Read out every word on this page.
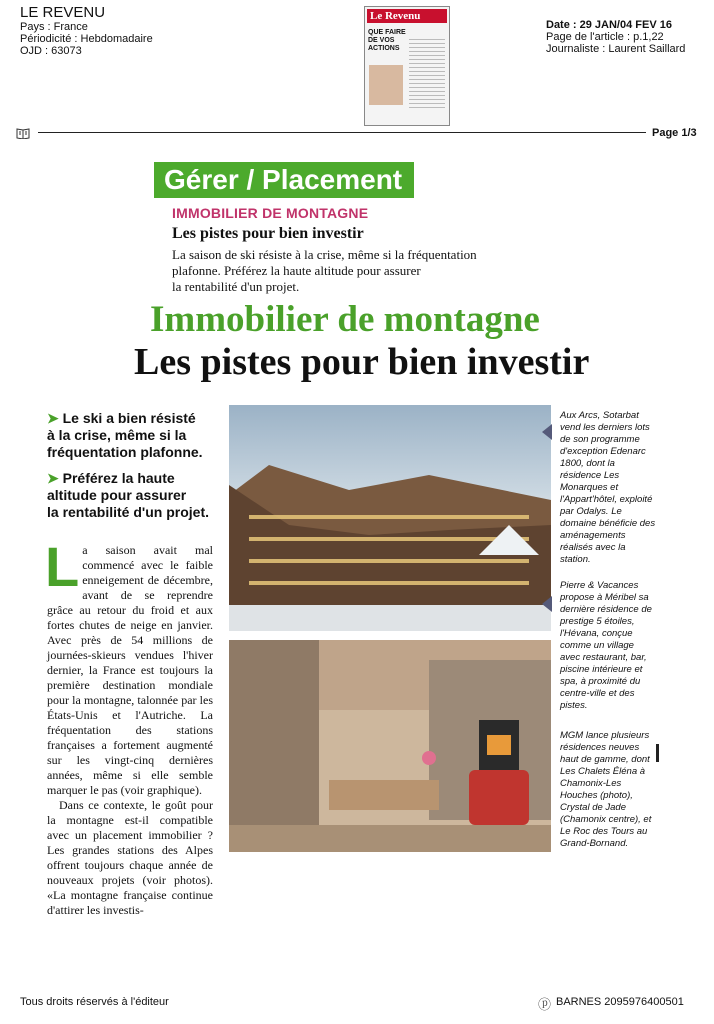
LE REVENU
Pays : France
Périodicité : Hebdomadaire
OJD : 63073
Le Revenu
QUE FAIRE DE VOS ACTIONS
Date : 29 JAN/04 FEV 16
Page de l'article : p.1,22
Journaliste : Laurent Saillard
Page 1/3
Gérer / Placement
IMMOBILIER DE MONTAGNE
Les pistes pour bien investir
La saison de ski résiste à la crise, même si la fréquentation
plafonne. Préférez la haute altitude pour assurer
la rentabilité d'un projet.
Immobilier de montagne
Les pistes pour bien investir
➤ Le ski a bien résisté
à la crise, même si la
fréquentation plafonne.
➤ Préférez la haute
altitude pour assurer
la rentabilité d'un projet.
L a saison avait mal commencé avec le faible enneigement de décembre, avant de se reprendre grâce au retour du froid et aux fortes chutes de neige en janvier. Avec près de 54 millions de journées-skieurs vendues l'hiver dernier, la France est toujours la première destination mondiale pour la montagne, talonnée par les États-Unis et l'Autriche. La fréquentation des stations françaises a fortement augmenté sur les vingt-cinq dernières années, même si elle semble marquer le pas (voir graphique).
Dans ce contexte, le goût pour la montagne est-il compatible avec un placement immobilier ? Les grandes stations des Alpes offrent toujours chaque année de nouveaux projets (voir photos). «La montagne française continue d'attirer les investis-
Aux Arcs, Sotarbat vend les derniers lots de son programme d'exception Edenarc 1800, dont la résidence Les Monarques et l'Appart'hôtel, exploité par Odalys. Le domaine bénéficie des aménagements réalisés avec la station.
Pierre & Vacances propose à Méribel sa dernière résidence de prestige 5 étoiles, l'Hévana, conçue comme un village avec restaurant, bar, piscine intérieure et spa, à proximité du centre-ville et des pistes.
MGM lance plusieurs résidences neuves haut de gamme, dont Les Chalets Éléna à Chamonix-Les Houches (photo), Crystal de Jade (Chamonix centre), et Le Roc des Tours au Grand-Bornand.
Tous droits réservés à l'éditeur	ⓟ BARNES 2095976400501
